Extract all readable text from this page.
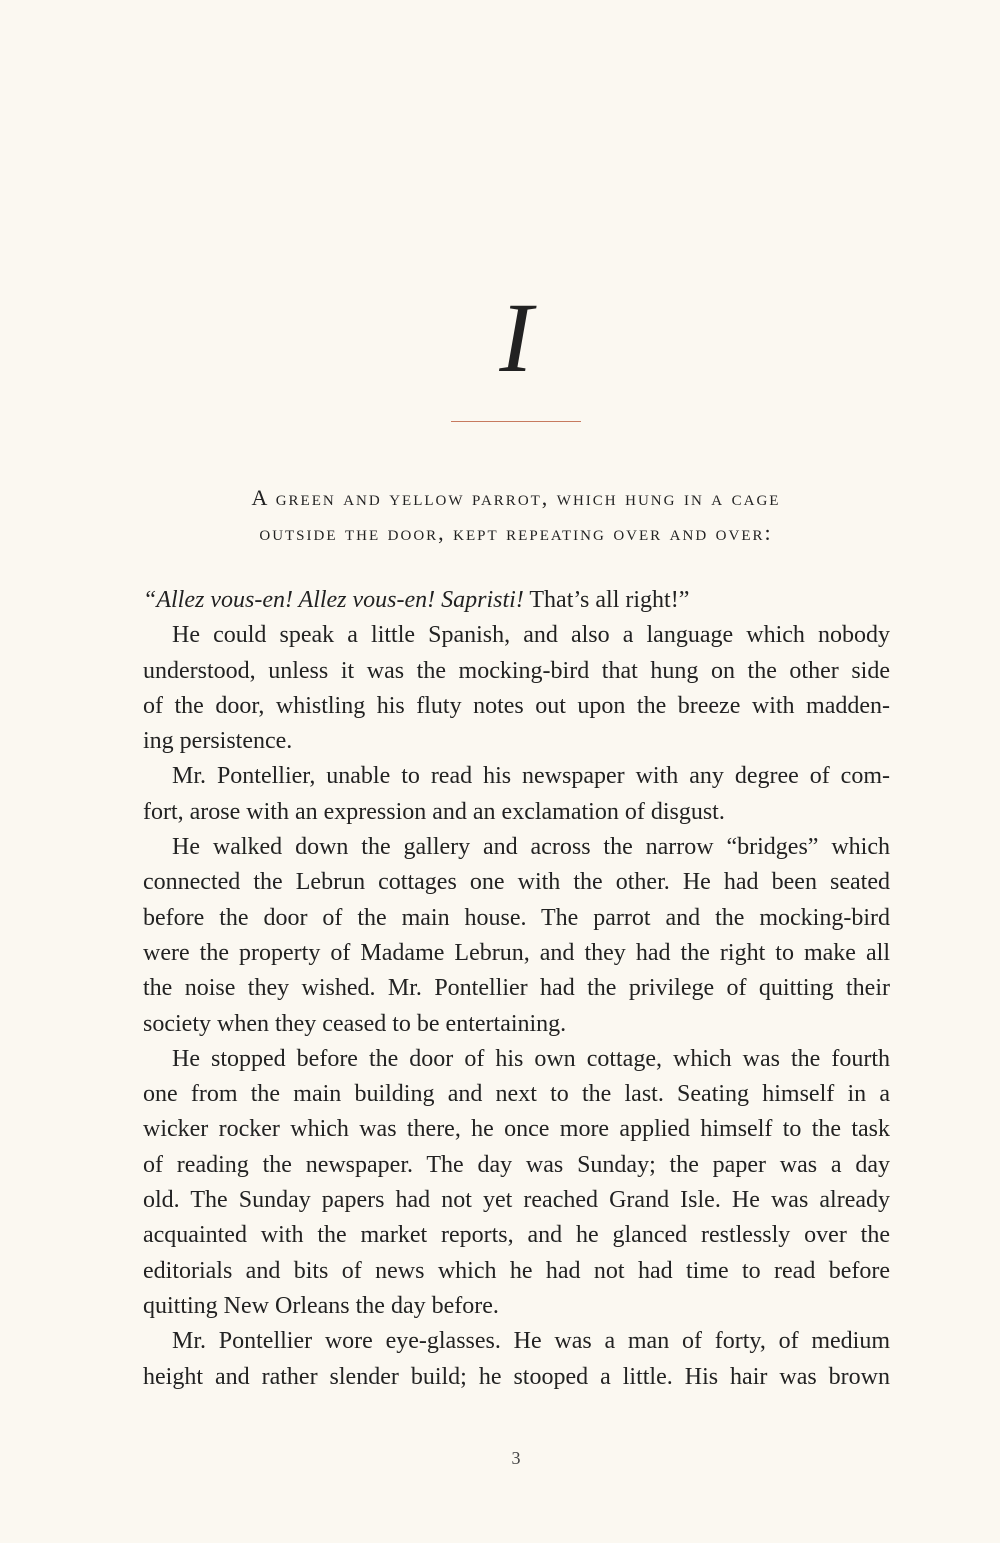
I
A green and yellow parrot, which hung in a cage
outside the door, kept repeating over and over:
“Allez vous-en! Allez vous-en! Sapristi! That’s all right!”
He could speak a little Spanish, and also a language which nobody
understood, unless it was the mocking-bird that hung on the other side
of the door, whistling his fluty notes out upon the breeze with madden-
ing persistence.
Mr. Pontellier, unable to read his newspaper with any degree of com-
fort, arose with an expression and an exclamation of disgust.
He walked down the gallery and across the narrow “bridges” which
connected the Lebrun cottages one with the other. He had been seated
before the door of the main house. The parrot and the mocking-bird
were the property of Madame Lebrun, and they had the right to make all
the noise they wished. Mr. Pontellier had the privilege of quitting their
society when they ceased to be entertaining.
He stopped before the door of his own cottage, which was the fourth
one from the main building and next to the last. Seating himself in a
wicker rocker which was there, he once more applied himself to the task
of reading the newspaper. The day was Sunday; the paper was a day
old. The Sunday papers had not yet reached Grand Isle. He was already
acquainted with the market reports, and he glanced restlessly over the
editorials and bits of news which he had not had time to read before
quitting New Orleans the day before.
Mr. Pontellier wore eye-glasses. He was a man of forty, of medium
height and rather slender build; he stooped a little. His hair was brown
3
